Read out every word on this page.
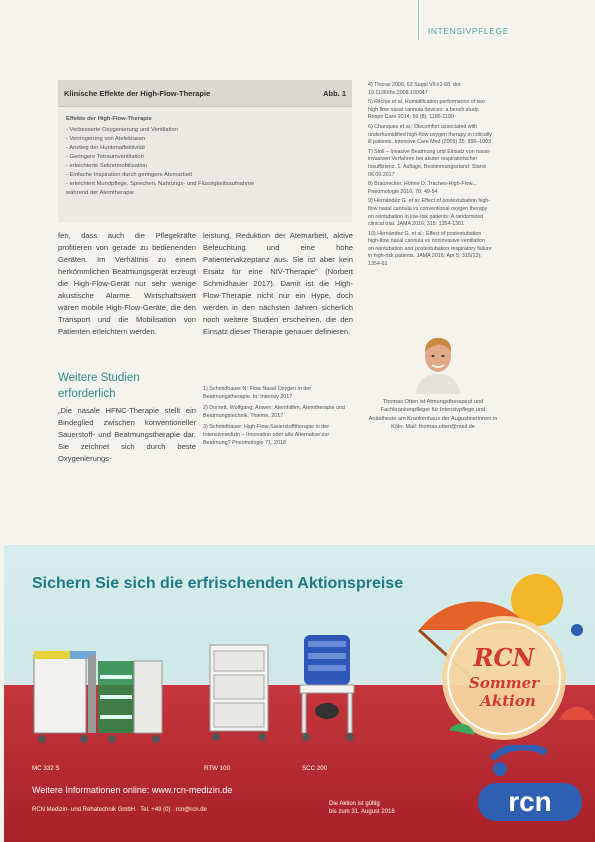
INTENSIVPFLEGE
Klinische Effekte der High-Flow-Therapie	Abb. 1
Effekte der High-Flow-Therapie
- Verbesserte Oxygenierung und Ventilation
- Verringerung von Atelektasen
- Anstieg der Huntonaffektivität
- Geringere Totraumventilation
- erleichterte Sekretmobilisation
- Einfache Inspiration durch geringere Atemarbeit
- erleichtert Mundpflege, Sprechen, Nahrungs- und Flüssigkeitsaufnahme
während der Atemtherapie

4) Thorax 2008, 63 Suppl VII:ii1-68. doi: 10.1136/thx.2008.100947

5) Ritchie et al. Humidification performance of two high flow nasal cannula devices: a bench study. Respir Care 2014; 59 (8): 1186-1190

6) Chanques et al.: Discomfort associated with underhumidified high-flow oxygen therapy in critically ill patients. Intensive Care Med (2009) 35: 996–1003

7) Stoll – Invasive Beatmung und Einsatz von nasal-invasiven Verfahren bei akuter respiratorischer Insuffizienz. 1. Auflage, Bestimmungsstand: Stand 06.09.2017

8) Braunecker, Höhne D: Tracheo-High-Flow... Pneumologie 2016; 70: 49-54

9) Hernández G. et al: Effect of postextubation high-flow nasal cannula vs conventional oxygen therapy on reintubation in low-risk patients: A randomized clinical trial. JAMA 2016; 315: 1354-1361

10) Hernández G. et al.: Effect of postextubation high-flow nasal cannula vs noninvasive ventilation on reintubation and postextubation respiratory failure in high-risk patients. JAMA 2016; Apr 5; 315(13): 1354-61

fen, dass auch die Pflegekräfte profitieren von gerade zu bedienenden Geräten. Im Verhältnis zu einem herkömmlichen Beatmungsgerät erzeugt die High-Flow-Gerät nur sehr wenige akustische Alarme. Wirtschaftswert wären mobile High-Flow-Geräte, die den Transport und die Mobilisation von Patienten erleichtern werden.

leistung, Reduktion der Atemarbeit, aktive Befeuchtung und eine hohe Patientenakzeptanz aus. Sie ist aber kein Ersatz für eine NIV-Therapie" (Norbert Schmidhauer 2017). Damit ist die High-Flow-Therapie nicht nur ein Hype, doch werden in den nächsten Jahren sicherlich noch weitere Studien erscheinen, die den Einsatz dieser Therapie genauer definieren.

Weitere Studien erforderlich

„Die nasale HFNC-Therapie stellt ein Bindeglied zwischen konventioneller Sauerstoff- und Beatmungstherapie dar. Sie zeichnet sich durch beste Oxygenierungs-

1) Schmidhauer N: Flow Nasal Oxygen in der Beatmungstherapie. In: Intensiv 2017

2) Dorsett, Wolfgang; Anwen: Atemhilfen, Atemtherapie und Beatmungstechnik, Thieme, 2017

3) Schmidhauer: High-Flow-Sauerstofftherapie in der Intensivmedizin – Innovation oder alte Alternative zur Beatmung? Pneumologie 71, 2018

Thomas Otten ist Atmungstherapeut und Fachkrankenpfleger für Intensivpflege und Anästhesie am Krankenhaus der Augustinerinnen in Köln. Mail: thomas.otten@mail.de
Sichern Sie sich die erfrischenden Aktionspreise
MC 332 S	RTW 100	SCC 200
RCN
Sommer
Aktion
Weitere Informationen online: www.rcn-medizin.de
RCN Medizin- und Rehatechnik GmbH · Tel. +49 (0) · rcn@rcn.de
Die Aktion ist gültig
bis zum 31. August 2018	rcn
